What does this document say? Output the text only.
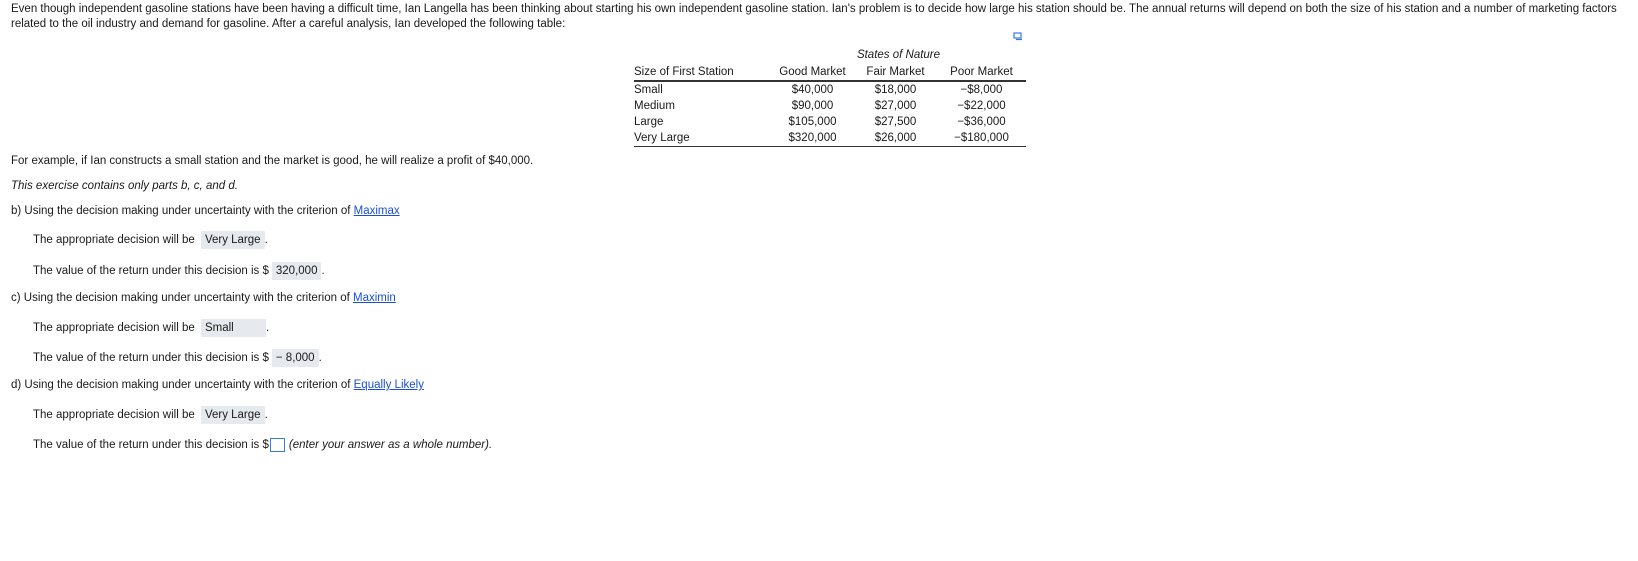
Even though independent gasoline stations have been having a difficult time, Ian Langella has been thinking about starting his own independent gasoline station. Ian's problem is to decide how large his station should be. The annual returns will depend on both the size of his station and a number of marketing factors related to the oil industry and demand for gasoline. After a careful analysis, Ian developed the following table:
	States of Nature		
Size of First Station	Good Market	Fair Market	Poor Market
Small	$40,000	$18,000	−$8,000
Medium	$90,000	$27,000	−$22,000
Large	$105,000	$27,500	−$36,000
Very Large	$320,000	$26,000	−$180,000
For example, if Ian constructs a small station and the market is good, he will realize a profit of $40,000.
This exercise contains only parts b, c, and d.
b) Using the decision making under uncertainty with the criterion of Maximax
The appropriate decision will be Very Large .
The value of the return under this decision is $ 320,000 .
c) Using the decision making under uncertainty with the criterion of Maximin
The appropriate decision will be Small	.
The value of the return under this decision is $ − 8,000 .
d) Using the decision making under uncertainty with the criterion of Equally Likely
The appropriate decision will be Very Large .
The value of the return under this decision is $ (enter your answer as a whole number).
